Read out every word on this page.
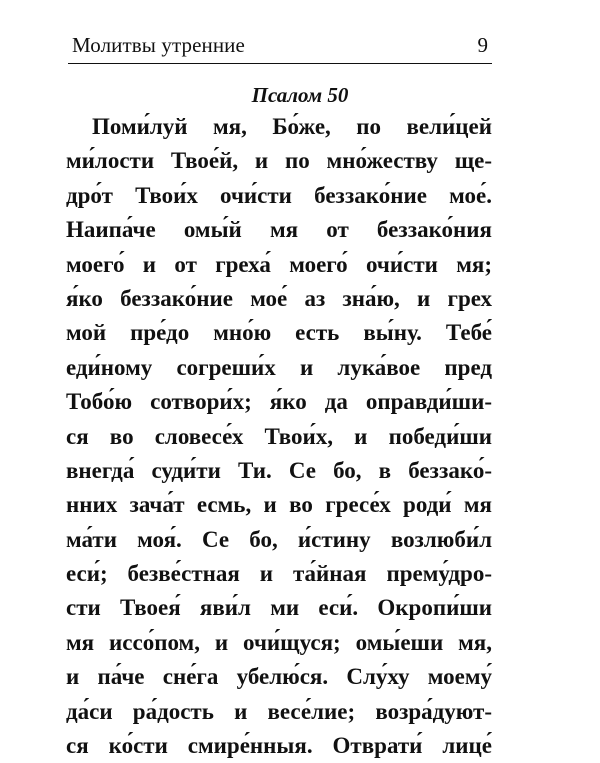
Молитвы утренние	9
Псалом 50
Поми́луй мя, Бо́же, по вели́цей
ми́лости Твое́й, и по мно́жеству ще-
дро́т Твои́х очи́сти беззако́ние мое́.
Наипа́че омы́й мя от беззако́ния
моего́ и от греха́ моего́ очи́сти мя;
я́ко беззако́ние мое́ аз зна́ю, и грех
мой пре́до мно́ю есть вы́ну. Тебе́
еди́ному согреши́х и лука́вое пред
Тобо́ю сотвори́х; я́ко да оправди́ши-
ся во словесе́х Твои́х, и победи́ши
внегда́ суди́ти Ти. Се бо, в беззако́-
нних зача́т есмь, и во гресе́х роди́ мя
ма́ти моя́. Се бо, и́стину возлюби́л
еси́; безве́стная и та́йная прему́дро-
сти Твоея́ яви́л ми еси́. Окропи́ши
мя иссо́пом, и очи́щуся; омы́еши мя,
и па́че сне́га убелю́ся. Слу́ху моему́
да́си ра́дость и весе́лие; возра́дуют-
ся ко́сти смире́нныя. Отврати́ лице́
